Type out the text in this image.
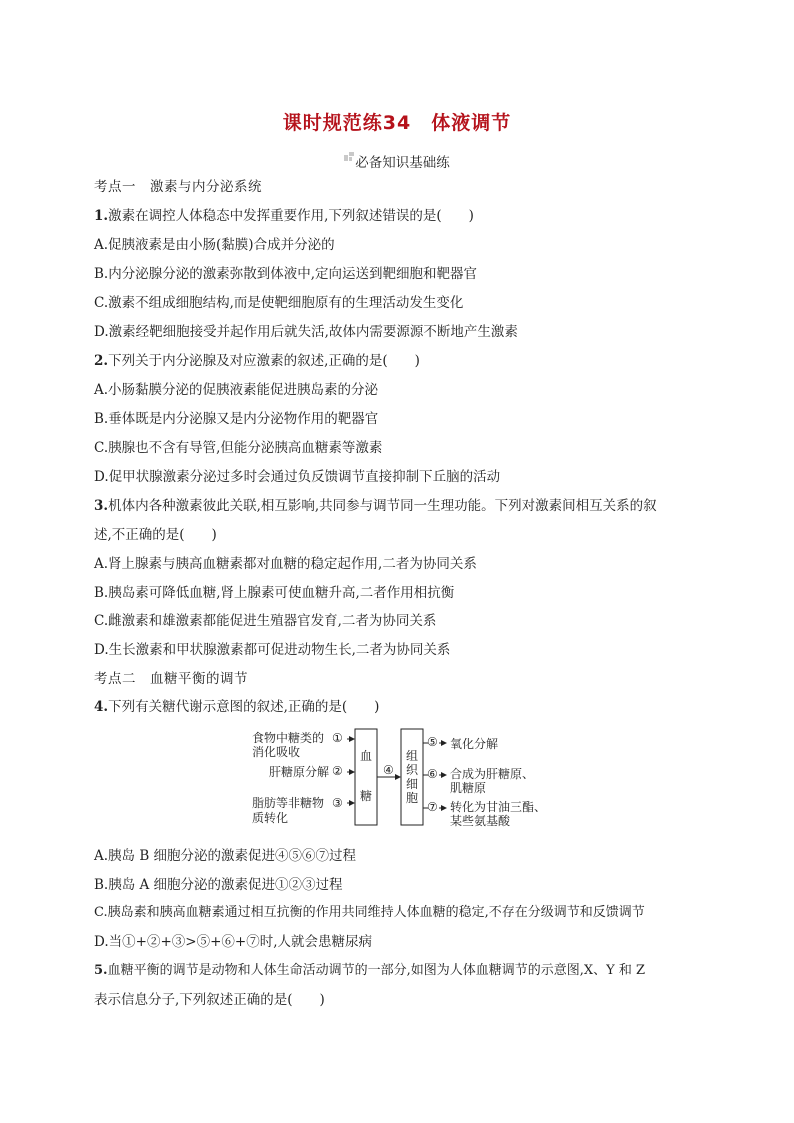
课时规范练34　体液调节
必备知识基础练
考点一　激素与内分泌系统
1.激素在调控人体稳态中发挥重要作用,下列叙述错误的是(　　)
A.促胰液素是由小肠(黏膜)合成并分泌的
B.内分泌腺分泌的激素弥散到体液中,定向运送到靶细胞和靶器官
C.激素不组成细胞结构,而是使靶细胞原有的生理活动发生变化
D.激素经靶细胞接受并起作用后就失活,故体内需要源源不断地产生激素
2.下列关于内分泌腺及对应激素的叙述,正确的是(　　)
A.小肠黏膜分泌的促胰液素能促进胰岛素的分泌
B.垂体既是内分泌腺又是内分泌物作用的靶器官
C.胰腺也不含有导管,但能分泌胰高血糖素等激素
D.促甲状腺激素分泌过多时会通过负反馈调节直接抑制下丘脑的活动
3.机体内各种激素彼此关联,相互影响,共同参与调节同一生理功能。下列对激素间相互关系的叙
述,不正确的是(　　)
A.肾上腺素与胰高血糖素都对血糖的稳定起作用,二者为协同关系
B.胰岛素可降低血糖,肾上腺素可使血糖升高,二者作用相抗衡
C.雌激素和雄激素都能促进生殖器官发育,二者为协同关系
D.生长激素和甲状腺激素都可促进动物生长,二者为协同关系
考点二　血糖平衡的调节
4.下列有关糖代谢示意图的叙述,正确的是(　　)
食物中糖类的
消化吸收
①
肝糖原分解 ②
脂肪等非糖物
质转化
③
血
糖
④
组
织
细
胞
⑤ 氧化分解
⑥ 合成为肝糖原、
肌糖原
⑦ 转化为甘油三酯、
某些氨基酸
A.胰岛 B 细胞分泌的激素促进④⑤⑥⑦过程
B.胰岛 A 细胞分泌的激素促进①②③过程
C.胰岛素和胰高血糖素通过相互抗衡的作用共同维持人体血糖的稳定,不存在分级调节和反馈调节
D.当①+②+③>⑤+⑥+⑦时,人就会患糖尿病
5.血糖平衡的调节是动物和人体生命活动调节的一部分,如图为人体血糖调节的示意图,X、Y 和 Z
表示信息分子,下列叙述正确的是(　　)
